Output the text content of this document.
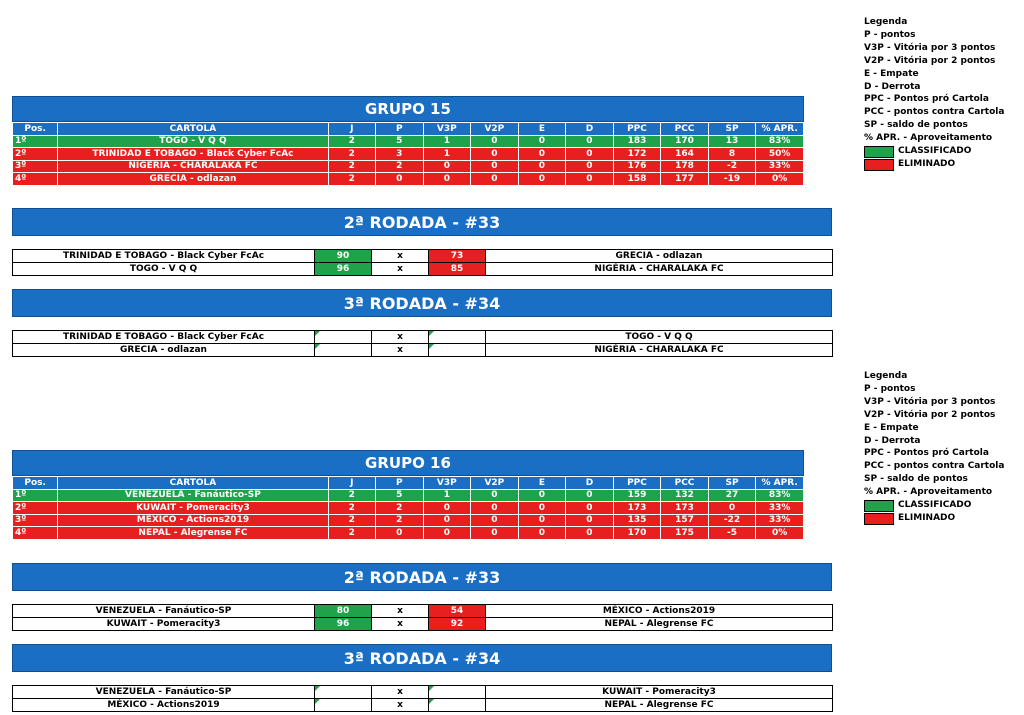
Legenda
P - pontos
V3P - Vitória por 3 pontos
V2P - Vitória por 2 pontos
E - Empate
D - Derrota
PPC - Pontos pró Cartola
PCC - pontos contra Cartola
SP - saldo de pontos
% APR. - Aproveitamento
CLASSIFICADO
ELIMINADO
Legenda
P - pontos
V3P - Vitória por 3 pontos
V2P - Vitória por 2 pontos
E - Empate
D - Derrota
PPC - Pontos pró Cartola
PCC - pontos contra Cartola
SP - saldo de pontos
% APR. - Aproveitamento
CLASSIFICADO
ELIMINADO
GRUPO 15
Pos.	CARTOLA	J	P	V3P	V2P	E	D	PPC	PCC	SP	% APR.
1º	TOGO - V Q Q	2	5	1	0	0	0	183	170	13	83%
2º	TRINIDAD E TOBAGO - Black Cyber FcAc	2	3	1	0	0	0	172	164	8	50%
3º	NIGÉRIA - CHARALAKA FC	2	2	0	0	0	0	176	178	-2	33%
4º	GRECIA - odlazan	2	0	0	0	0	0	158	177	-19	0%
2ª RODADA - #33
TRINIDAD E TOBAGO - Black Cyber FcAc	90	x	73	GRECIA - odlazan
TOGO - V Q Q	96	x	85	NIGÉRIA - CHARALAKA FC
3ª RODADA - #34
TRINIDAD E TOBAGO - Black Cyber FcAc		x		TOGO - V Q Q
GRECIA - odlazan		x		NIGÉRIA - CHARALAKA FC
GRUPO 16
Pos.	CARTOLA	J	P	V3P	V2P	E	D	PPC	PCC	SP	% APR.
1º	VENEZUELA - Fanáutico-SP	2	5	1	0	0	0	159	132	27	83%
2º	KUWAIT - Pomeracity3	2	2	0	0	0	0	173	173	0	33%
3º	MÉXICO - Actions2019	2	2	0	0	0	0	135	157	-22	33%
4º	NEPAL - Alegrense FC	2	0	0	0	0	0	170	175	-5	0%
2ª RODADA - #33
VENEZUELA - Fanáutico-SP	80	x	54	MÉXICO - Actions2019
KUWAIT - Pomeracity3	96	x	92	NEPAL - Alegrense FC
3ª RODADA - #34
VENEZUELA - Fanáutico-SP		x		KUWAIT - Pomeracity3
MÉXICO - Actions2019		x		NEPAL - Alegrense FC
